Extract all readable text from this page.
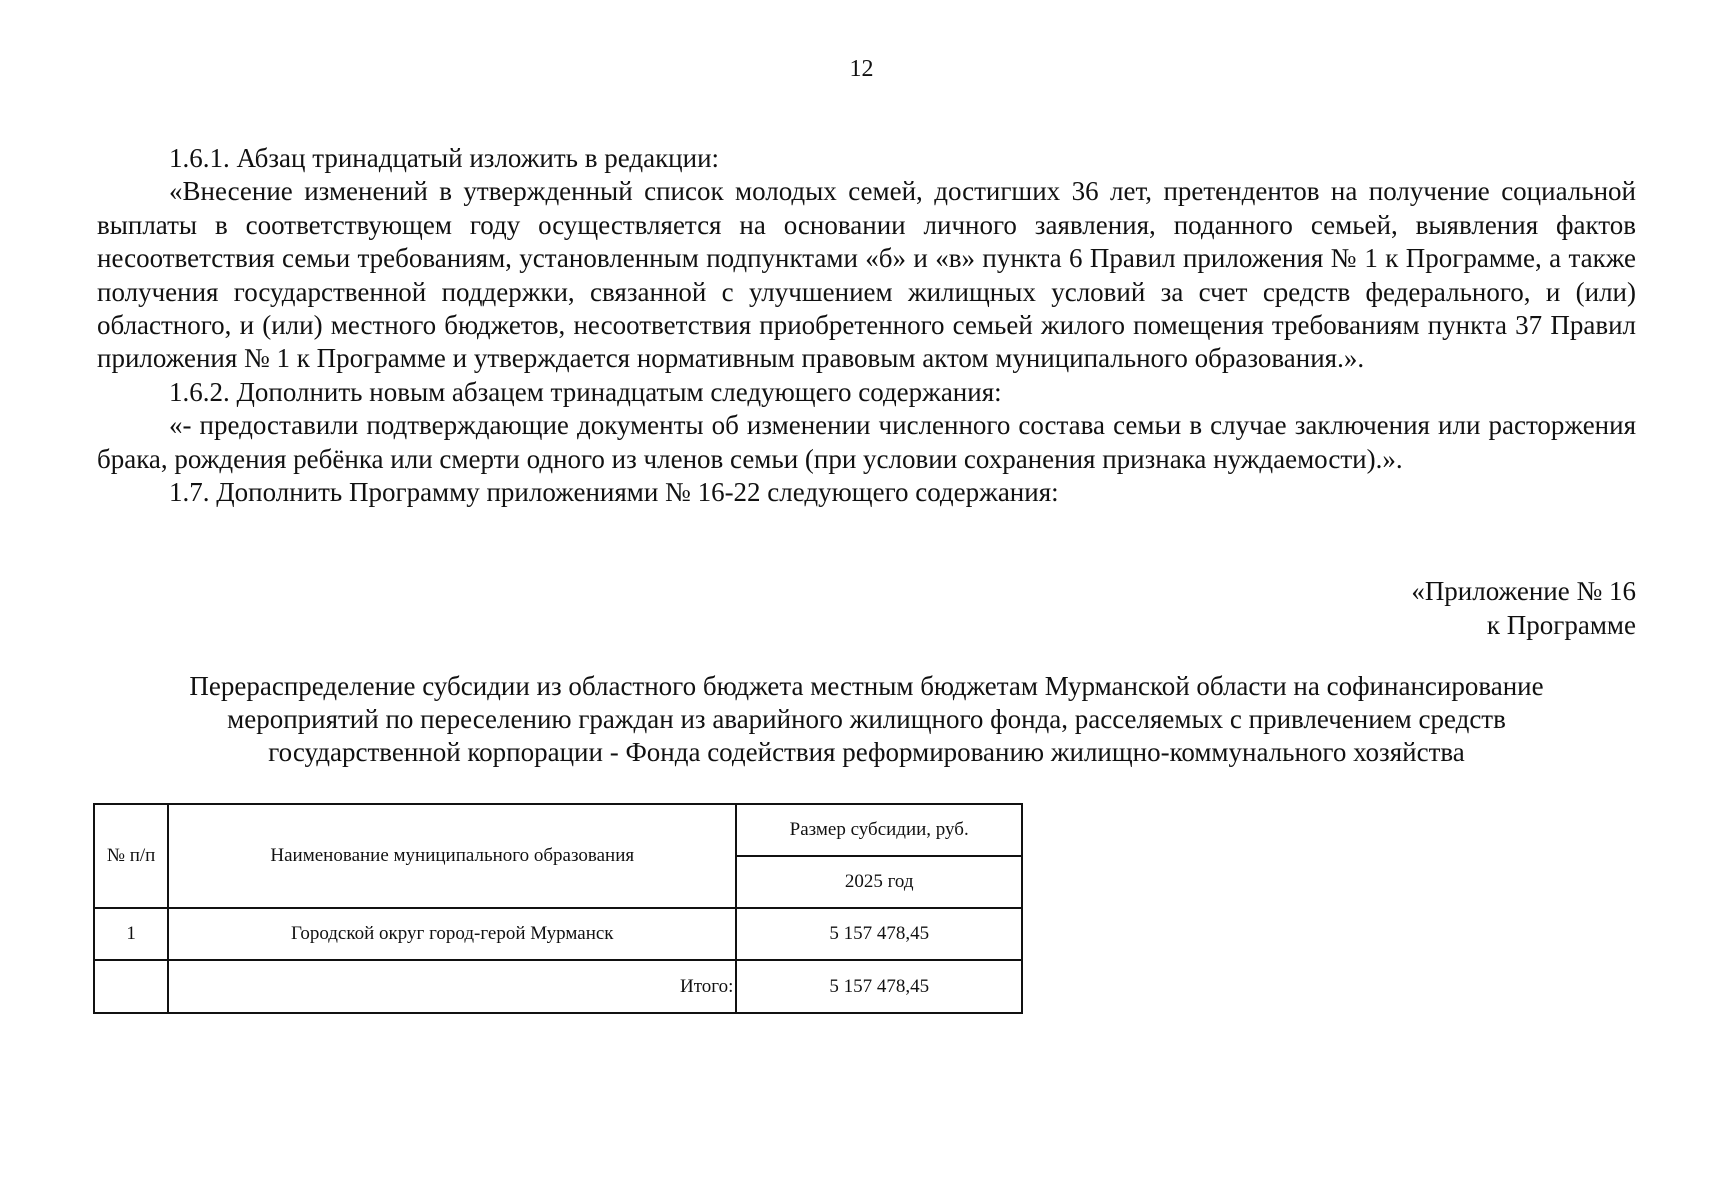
12

1.6.1. Абзац тринадцатый изложить в редакции:

«Внесение изменений в утвержденный список молодых семей, достигших 36 лет, претендентов на получение социальной выплаты в соответствующем году осуществляется на основании личного заявления, поданного семьей, выявления фактов несоответствия семьи требованиям, установленным подпунктами «б» и «в» пункта 6 Правил приложения № 1 к Программе, а также получения государственной поддержки, связанной с улучшением жилищных условий за счет средств федерального, и (или) областного, и (или) местного бюджетов, несоответствия приобретенного семьей жилого помещения требованиям пункта 37 Правил приложения № 1 к Программе и утверждается нормативным правовым актом муниципального образования.».

1.6.2. Дополнить новым абзацем тринадцатым следующего содержания:

«- предоставили подтверждающие документы об изменении численного состава семьи в случае заключения или расторжения брака, рождения ребёнка или смерти одного из членов семьи (при условии сохранения признака нуждаемости).».

1.7. Дополнить Программу приложениями № 16-22 следующего содержания:

«Приложение № 16
к Программе
Перераспределение субсидии из областного бюджета местным бюджетам Мурманской области на софинансирование
мероприятий по переселению граждан из аварийного жилищного фонда, расселяемых с привлечением средств
государственной корпорации - Фонда содействия реформированию жилищно-коммунального хозяйства
№ п/п	Наименование муниципального образования	Размер субсидии, руб.
		2025 год
1	Городской округ город-герой Мурманск	5 157 478,45
	Итого:	5 157 478,45
